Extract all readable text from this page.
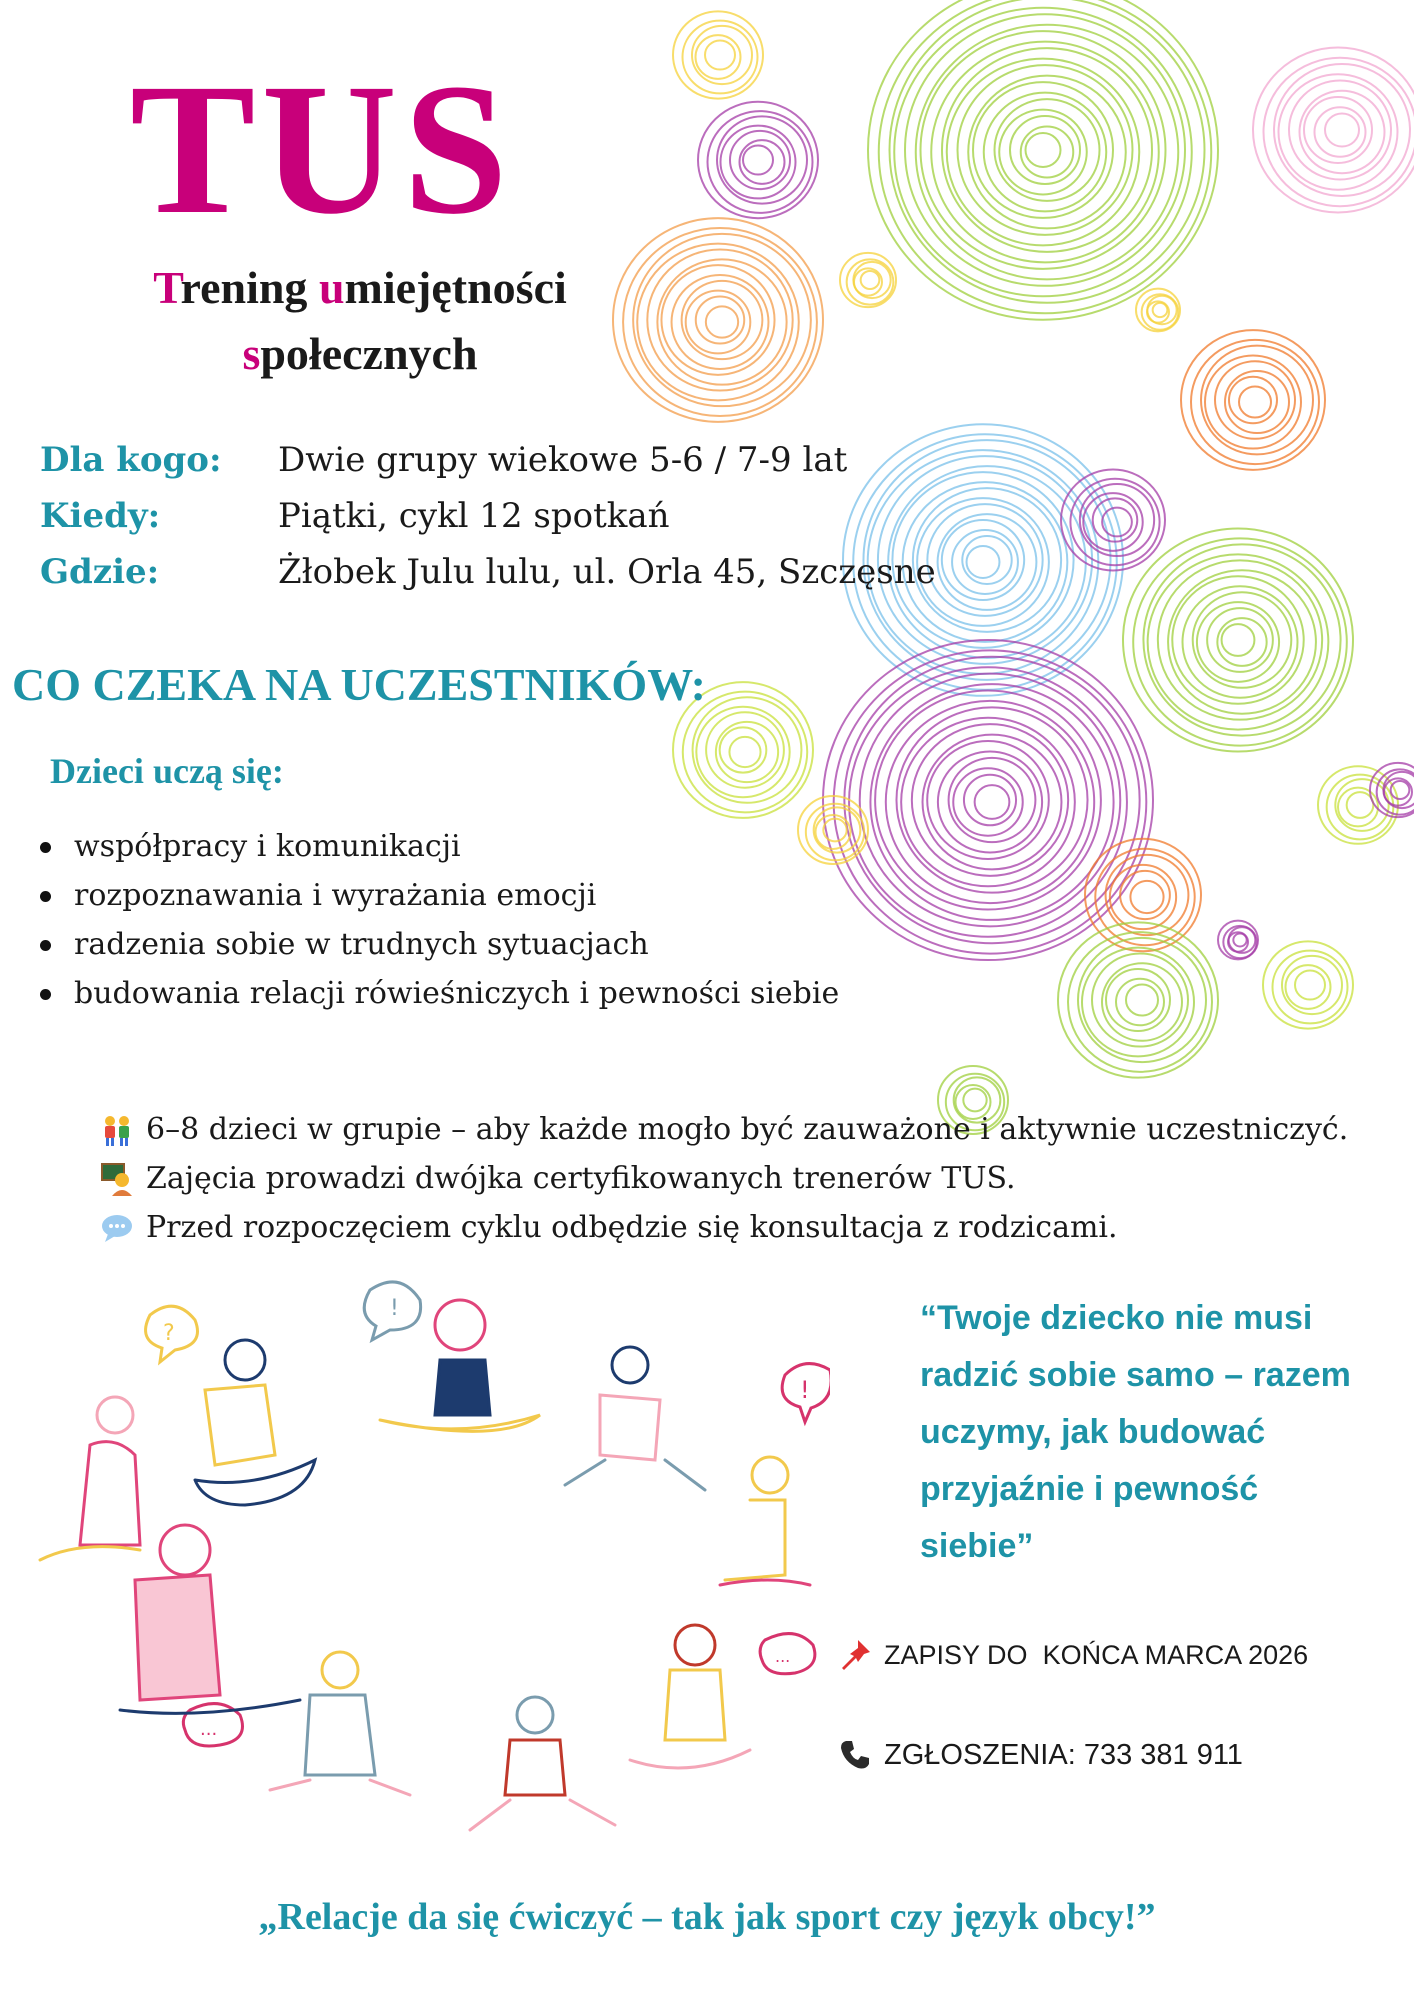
TUS
Trening umiejętności
społecznych
Dla kogo:	Dwie grupy wiekowe 5-6 / 7-9 lat
Kiedy:	Piątki, cykl 12 spotkań
Gdzie:	Żłobek Julu lulu, ul. Orla 45, Szczęsne
CO CZEKA NA UCZESTNIKÓW:
Dzieci uczą się:
współpracy i komunikacji
rozpoznawania i wyrażania emocji
radzenia sobie w trudnych sytuacjach
budowania relacji rówieśniczych i pewności siebie
6–8 dzieci w grupie – aby każde mogło być zauważone i aktywnie uczestniczyć.
Zajęcia prowadzi dwójka certyfikowanych trenerów TUS.
Przed rozpoczęciem cyklu odbędzie się konsultacja z rodzicami.
?
!
!
...
...
“Twoje dziecko nie musi radzić sobie samo – razem uczymy, jak budować przyjaźnie i pewność siebie”
ZAPISY DO
KOŃCA MARCA 2026
ZGŁOSZENIA: 733 381 911
„Relacje da się ćwiczyć – tak jak sport czy język obcy!”
